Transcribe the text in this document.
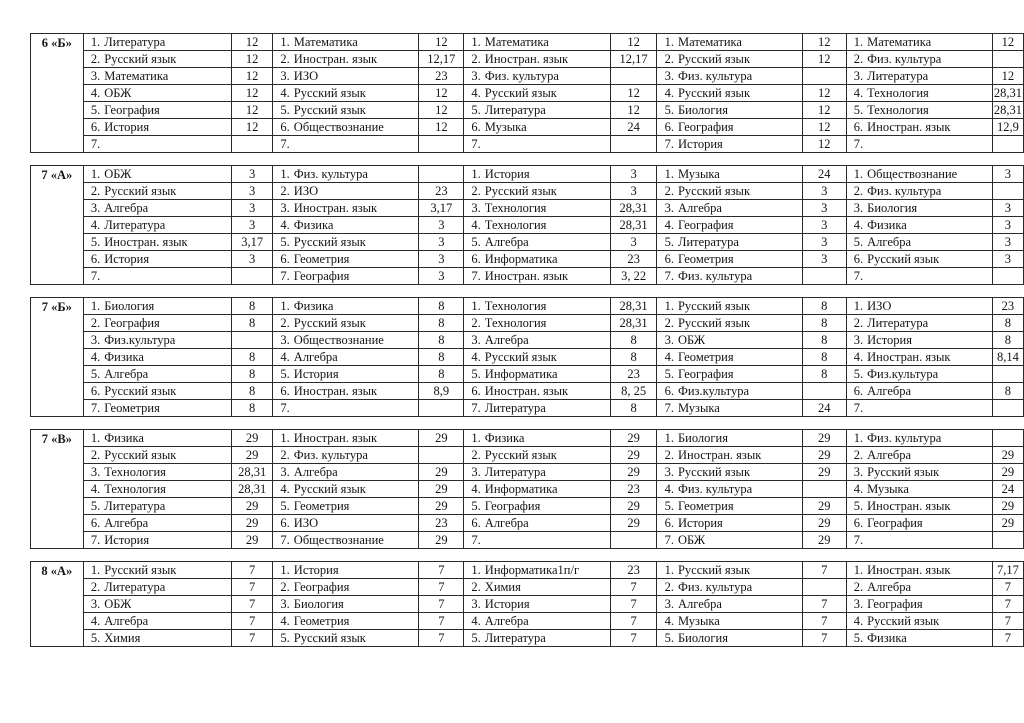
6 «Б»	1.	Литература	12	1.	Математика	12	1.	Математика	12	1.	Математика	12	1.	Математика	12
	2.	Русский язык	12	2.	Иностран. язык	12,17	2.	Иностран. язык	12,17	2.	Русский язык	12	2.	Физ. культура	
	3.	Математика	12	3.	ИЗО	23	3.	Физ. культура		3.	Физ. культура		3.	Литература	12
	4.	ОБЖ	12	4.	Русский язык	12	4.	Русский язык	12	4.	Русский язык	12	4.	Технология	28,31
	5.	География	12	5.	Русский язык	12	5.	Литература	12	5.	Биология	12	5.	Технология	28,31
	6.	История	12	6.	Обществознание	12	6.	Музыка	24	6.	География	12	6.	Иностран. язык	12,9
	7.			7.			7.			7.	История	12	7.		

7 «А»	1.	ОБЖ	3	1.	Физ. культура		1.	История	3	1.	Музыка	24	1.	Обществознание	3
	2.	Русский язык	3	2.	ИЗО	23	2.	Русский язык	3	2.	Русский язык	3	2.	Физ. культура	
	3.	Алгебра	3	3.	Иностран. язык	3,17	3.	Технология	28,31	3.	Алгебра	3	3.	Биология	3
	4.	Литература	3	4.	Физика	3	4.	Технология	28,31	4.	География	3	4.	Физика	3
	5.	Иностран. язык	3,17	5.	Русский язык	3	5.	Алгебра	3	5.	Литература	3	5.	Алгебра	3
	6.	История	3	6.	Геометрия	3	6.	Информатика	23	6.	Геометрия	3	6.	Русский язык	3
	7.			7.	География	3	7.	Иностран. язык	3, 22	7.	Физ. культура		7.		

7 «Б»	1.	Биология	8	1.	Физика	8	1.	Технология	28,31	1.	Русский язык	8	1.	ИЗО	23
	2.	География	8	2.	Русский язык	8	2.	Технология	28,31	2.	Русский язык	8	2.	Литература	8
	3.	Физ.культура		3.	Обществознание	8	3.	Алгебра	8	3.	ОБЖ	8	3.	История	8
	4.	Физика	8	4.	Алгебра	8	4.	Русский язык	8	4.	Геометрия	8	4.	Иностран. язык	8,14
	5.	Алгебра	8	5.	История	8	5.	Информатика	23	5.	География	8	5.	Физ.культура	
	6.	Русский язык	8	6.	Иностран. язык	8,9	6.	Иностран. язык	8, 25	6.	Физ.культура		6.	Алгебра	8
	7.	Геометрия	8	7.			7.	Литература	8	7.	Музыка	24	7.		

7 «В»	1.	Физика	29	1.	Иностран. язык	29	1.	Физика	29	1.	Биология	29	1.	Физ. культура	
	2.	Русский язык	29	2.	Физ. культура		2.	Русский язык	29	2.	Иностран. язык	29	2.	Алгебра	29
	3.	Технология	28,31	3.	Алгебра	29	3.	Литература	29	3.	Русский язык	29	3.	Русский язык	29
	4.	Технология	28,31	4.	Русский язык	29	4.	Информатика	23	4.	Физ. культура		4.	Музыка	24
	5.	Литература	29	5.	Геометрия	29	5.	География	29	5.	Геометрия	29	5.	Иностран. язык	29
	6.	Алгебра	29	6.	ИЗО	23	6.	Алгебра	29	6.	История	29	6.	География	29
	7.	История	29	7.	Обществознание	29	7.			7.	ОБЖ	29	7.		

8 «А»	1.	Русский язык	7	1.	История	7	1.	Информатика1п/г	23	1.	Русский язык	7	1.	Иностран. язык	7,17
	2.	Литература	7	2.	География	7	2.	Химия	7	2.	Физ. культура		2.	Алгебра	7
	3.	ОБЖ	7	3.	Биология	7	3.	История	7	3.	Алгебра	7	3.	География	7
	4.	Алгебра	7	4.	Геометрия	7	4.	Алгебра	7	4.	Музыка	7	4.	Русский язык	7
	5.	Химия	7	5.	Русский язык	7	5.	Литература	7	5.	Биология	7	5.	Физика	7
